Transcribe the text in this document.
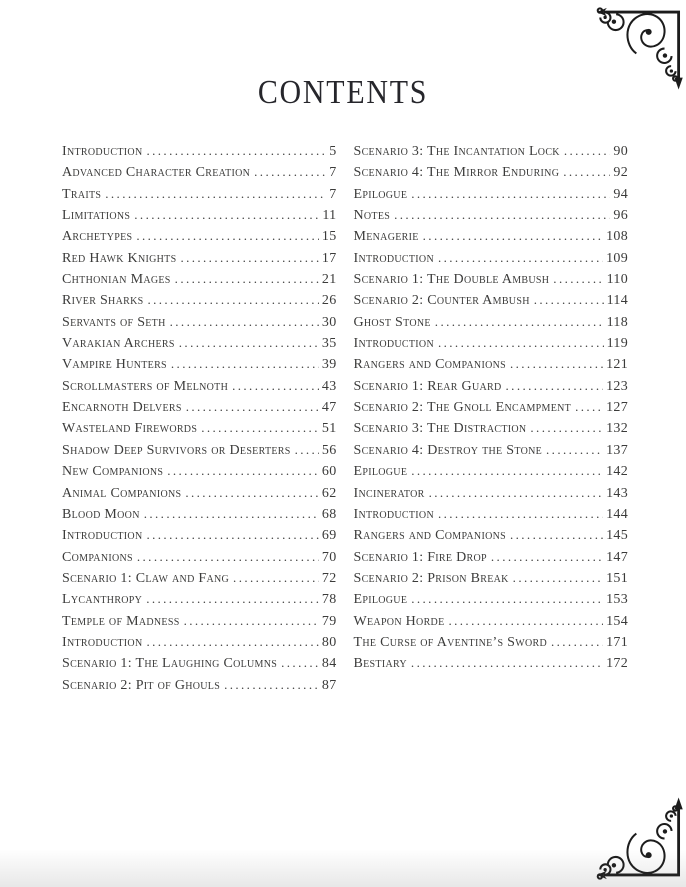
CONTENTS
Introduction .....	5
Advanced Character Creation .....	7
Traits .....	7
Limitations .....	11
Archetypes .....	15
Red Hawk Knights .....	17
Chthonian Mages .....	21
River Sharks .....	26
Servants of Seth .....	30
Varakian Archers .....	35
Vampire Hunters .....	39
Scrollmasters of Melnoth .....	43
Encarnoth Delvers .....	47
Wasteland Firewords .....	51
Shadow Deep Survivors or Deserters ..... 56
New Companions .....	60
Animal Companions .....	62
Blood Moon .....	68
Introduction .....	69
Companions .....	70
Scenario 1: Claw and Fang .....	72
Lycanthropy .....	78
Temple of Madness .....	79
Introduction .....	80
Scenario 1: The Laughing Columns .....	84
Scenario 2: Pit of Ghouls .....	87
Scenario 3: The Incantation Lock .....	90
Scenario 4: The Mirror Enduring .....	92
Epilogue .....	94
Notes .....	96
Menagerie .....	108
Introduction .....	109
Scenario 1: The Double Ambush .....	110
Scenario 2: Counter Ambush .....	114
Ghost Stone .....	118
Introduction .....	119
Rangers and Companions .....	121
Scenario 1: Rear Guard .....	123
Scenario 2: The Gnoll Encampment .....	127
Scenario 3: The Distraction .....	132
Scenario 4: Destroy the Stone .....	137
Epilogue .....	142
Incinerator .....	143
Introduction .....	144
Rangers and Companions .....	145
Scenario 1: Fire Drop .....	147
Scenario 2: Prison Break .....	151
Epilogue .....	153
Weapon Horde .....	154
The Curse of Aventine’s Sword .....	171
Bestiary .....	172
